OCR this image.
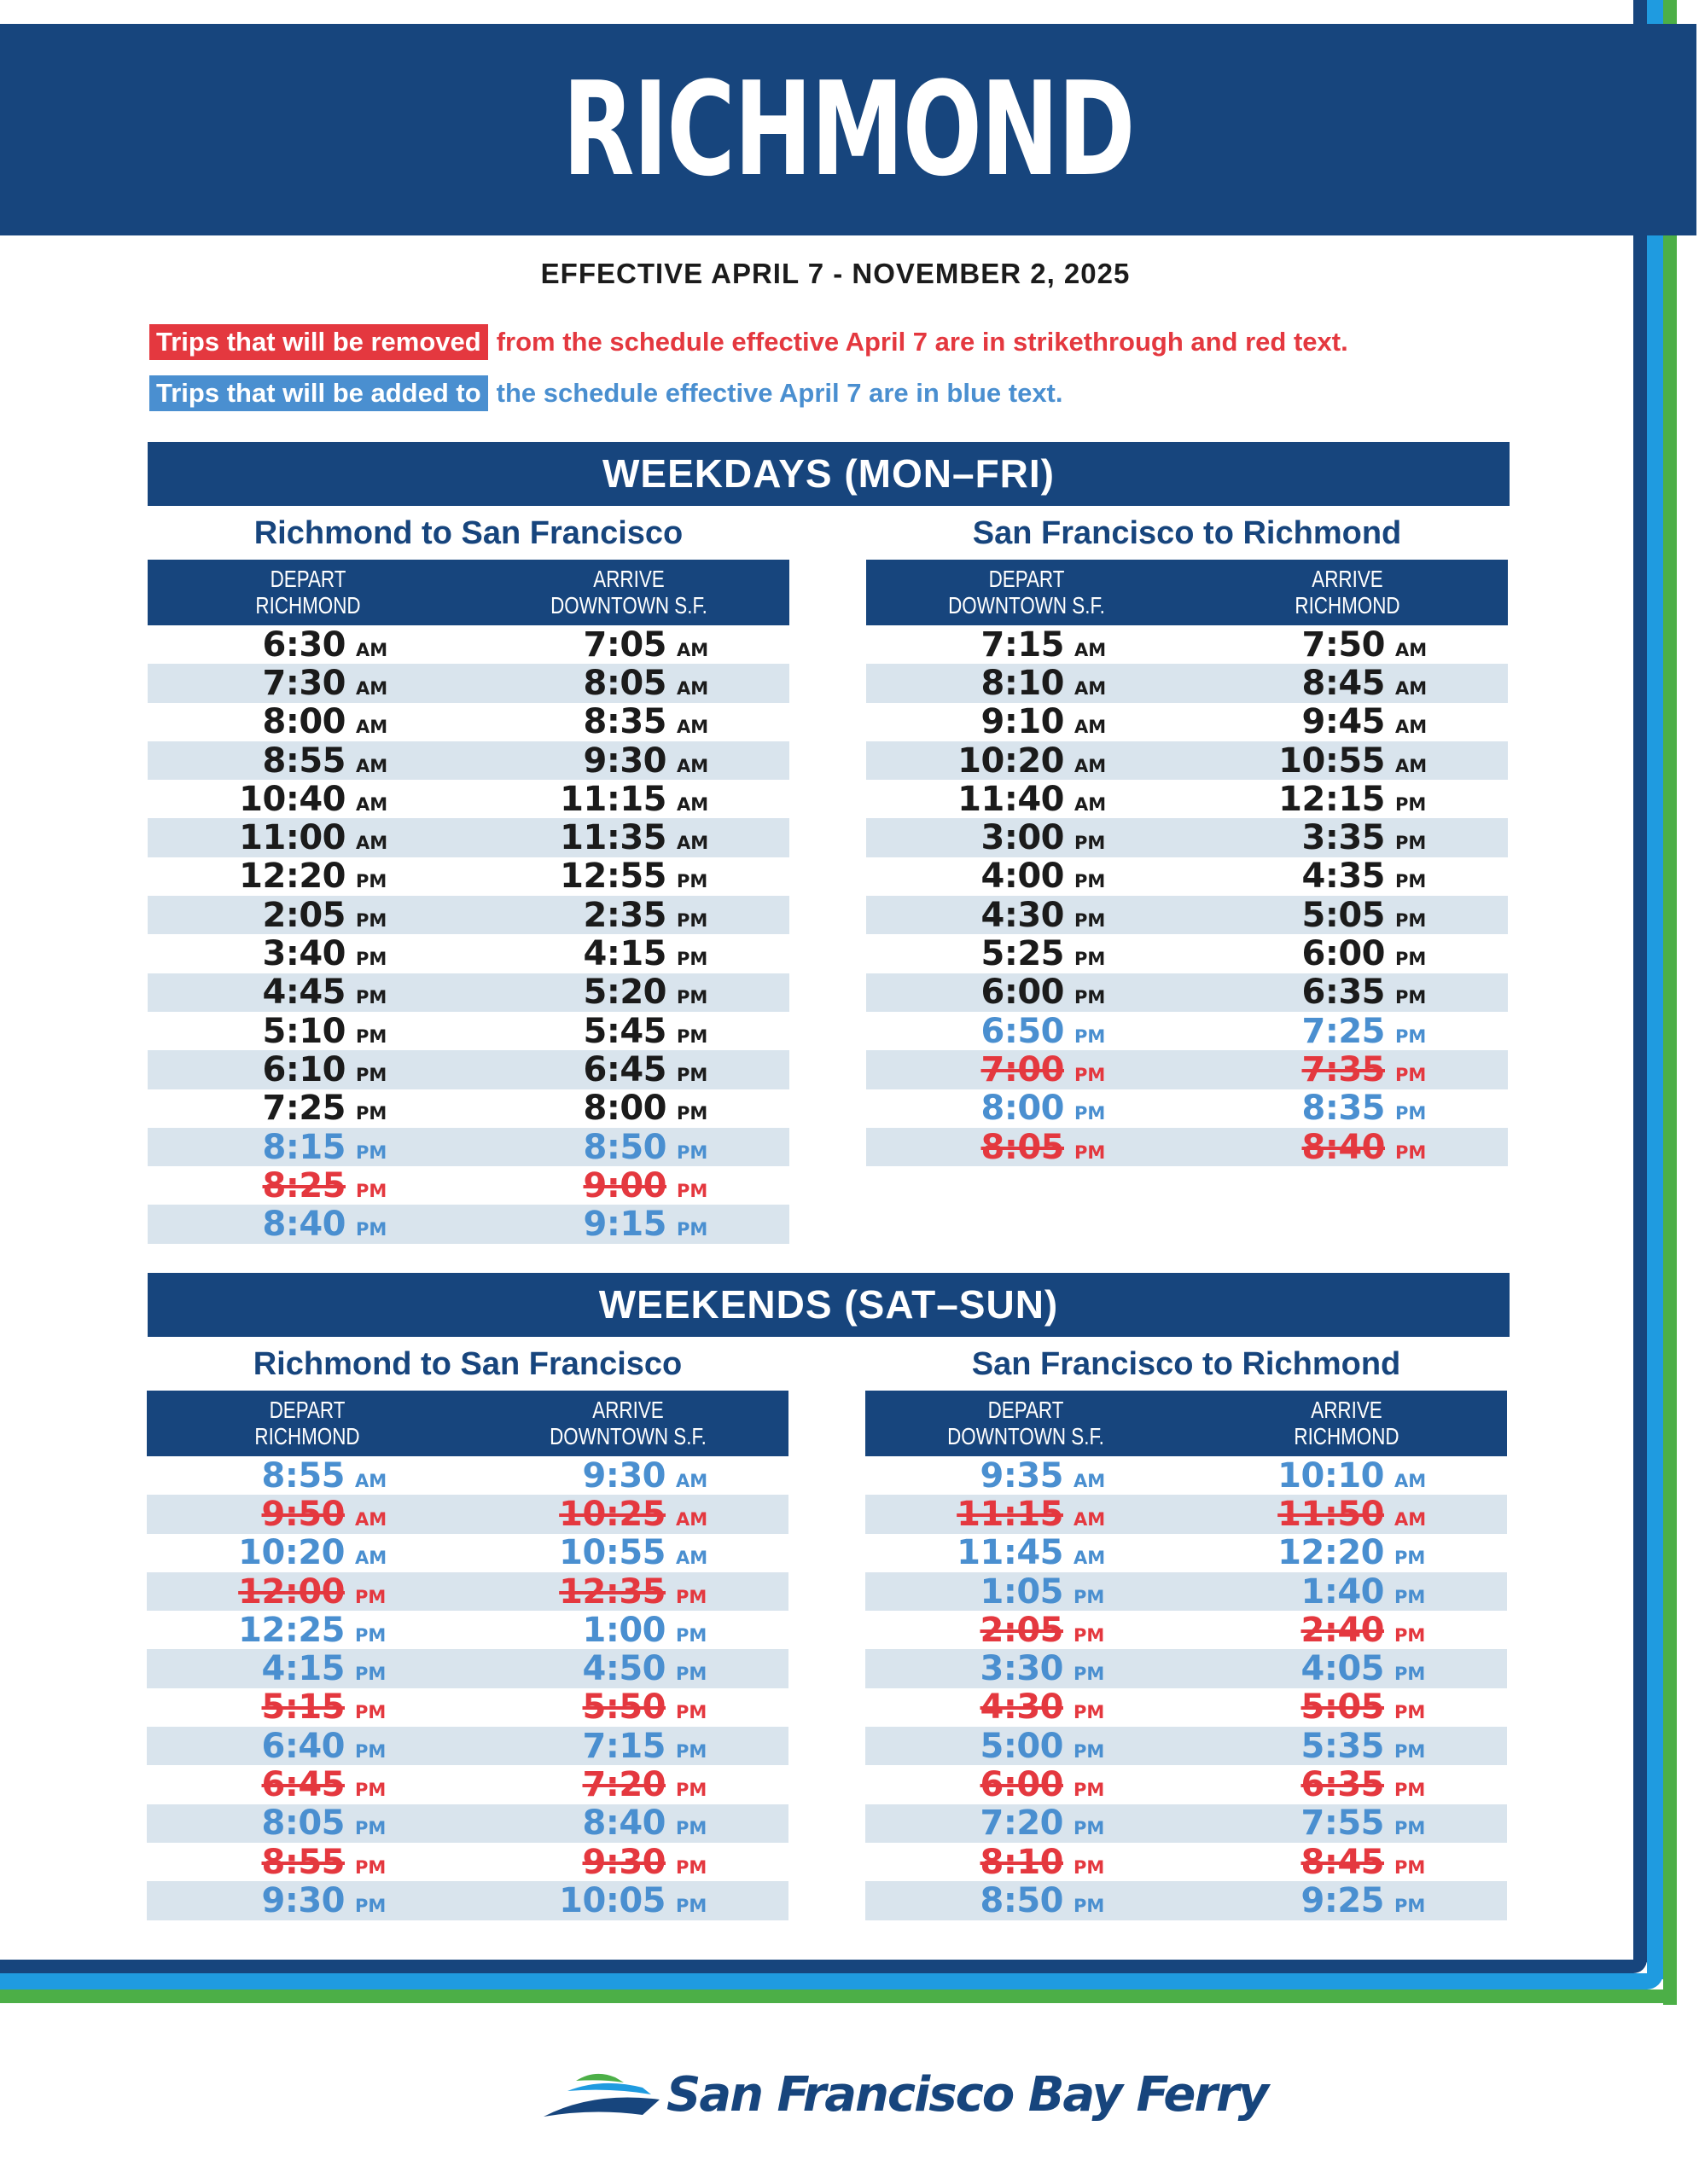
RICHMOND
EFFECTIVE APRIL 7 - NOVEMBER 2, 2025
Trips that will be removed from the schedule effective April 7 are in strikethrough and red text.
Trips that will be added to the schedule effective April 7 are in blue text.
WEEKDAYS (MON–FRI)
Richmond to San Francisco
DEPART
RICHMOND
ARRIVE
DOWNTOWN S.F.
6:30 AM	7:05 AM
7:30 AM	8:05 AM
8:00 AM	8:35 AM
8:55 AM	9:30 AM
10:40 AM	11:15 AM
11:00 AM	11:35 AM
12:20 PM	12:55 PM
2:05 PM	2:35 PM
3:40 PM	4:15 PM
4:45 PM	5:20 PM
5:10 PM	5:45 PM
6:10 PM	6:45 PM
7:25 PM	8:00 PM
8:15 PM	8:50 PM
8:25 PM	9:00 PM
8:40 PM	9:15 PM
San Francisco to Richmond
DEPART
DOWNTOWN S.F.
ARRIVE
RICHMOND
7:15 AM	7:50 AM
8:10 AM	8:45 AM
9:10 AM	9:45 AM
10:20 AM	10:55 AM
11:40 AM	12:15 PM
3:00 PM	3:35 PM
4:00 PM	4:35 PM
4:30 PM	5:05 PM
5:25 PM	6:00 PM
6:00 PM	6:35 PM
6:50 PM	7:25 PM
7:00 PM	7:35 PM
8:00 PM	8:35 PM
8:05 PM	8:40 PM
WEEKENDS (SAT–SUN)
Richmond to San Francisco
DEPART
RICHMOND
ARRIVE
DOWNTOWN S.F.
8:55 AM	9:30 AM
9:50 AM	10:25 AM
10:20 AM	10:55 AM
12:00 PM	12:35 PM
12:25 PM	1:00 PM
4:15 PM	4:50 PM
5:15 PM	5:50 PM
6:40 PM	7:15 PM
6:45 PM	7:20 PM
8:05 PM	8:40 PM
8:55 PM	9:30 PM
9:30 PM	10:05 PM
San Francisco to Richmond
DEPART
DOWNTOWN S.F.
ARRIVE
RICHMOND
9:35 AM	10:10 AM
11:15 AM	11:50 AM
11:45 AM	12:20 PM
1:05 PM	1:40 PM
2:05 PM	2:40 PM
3:30 PM	4:05 PM
4:30 PM	5:05 PM
5:00 PM	5:35 PM
6:00 PM	6:35 PM
7:20 PM	7:55 PM
8:10 PM	8:45 PM
8:50 PM	9:25 PM
San Francisco Bay Ferry
